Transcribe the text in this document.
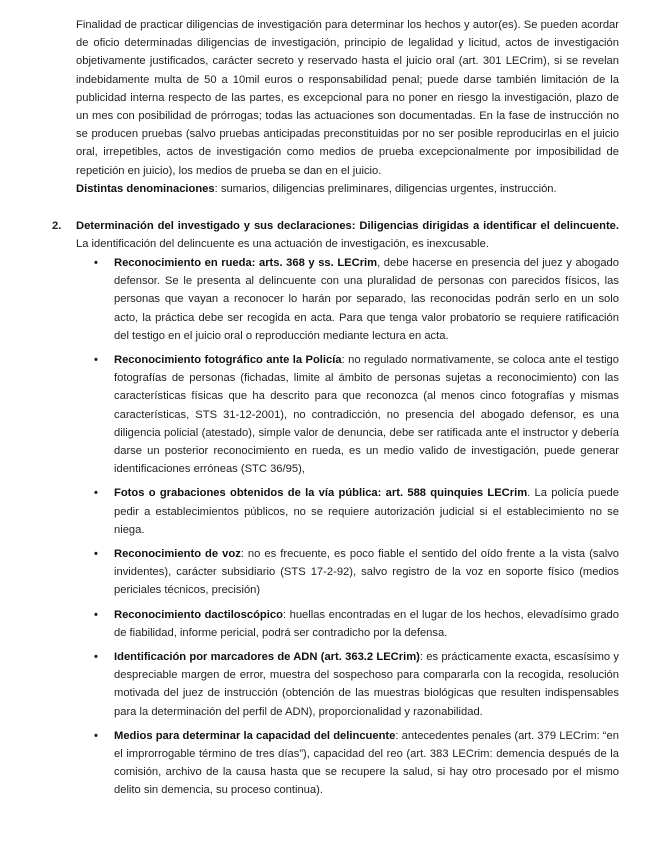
Finalidad de practicar diligencias de investigación para determinar los hechos y autor(es). Se pueden acordar de oficio determinadas diligencias de investigación, principio de legalidad y licitud, actos de investigación objetivamente justificados, carácter secreto y reservado hasta el juicio oral (art. 301 LECrim), si se revelan indebidamente multa de 50 a 10mil euros o responsabilidad penal; puede darse también limitación de la publicidad interna respecto de las partes, es excepcional para no poner en riesgo la investigación, plazo de un mes con posibilidad de prórrogas; todas las actuaciones son documentadas. En la fase de instrucción no se producen pruebas (salvo pruebas anticipadas preconstituidas por no ser posible reproducirlas en el juicio oral, irrepetibles, actos de investigación como medios de prueba excepcionalmente por imposibilidad de repetición en juicio), los medios de prueba se dan en el juicio.

Distintas denominaciones: sumarios, diligencias preliminares, diligencias urgentes, instrucción.

2. Determinación del investigado y sus declaraciones: Diligencias dirigidas a identificar el delincuente. La identificación del delincuente es una actuación de investigación, es inexcusable.

• Reconocimiento en rueda: arts. 368 y ss. LECrim, debe hacerse en presencia del juez y abogado defensor. Se le presenta al delincuente con una pluralidad de personas con parecidos físicos, las personas que vayan a reconocer lo harán por separado, las reconocidas podrán serlo en un solo acto, la práctica debe ser recogida en acta. Para que tenga valor probatorio se requiere ratificación del testigo en el juicio oral o reproducción mediante lectura en acta.

• Reconocimiento fotográfico ante la Policía: no regulado normativamente, se coloca ante el testigo fotografías de personas (fichadas, limite al ámbito de personas sujetas a reconocimiento) con las características físicas que ha descrito para que reconozca (al menos cinco fotografías y mismas características, STS 31-12-2001), no contradicción, no presencia del abogado defensor, es una diligencia policial (atestado), simple valor de denuncia, debe ser ratificada ante el instructor y debería darse un posterior reconocimiento en rueda, es un medio valido de investigación, puede generar identificaciones erróneas (STC 36/95),

• Fotos o grabaciones obtenidos de la vía pública: art. 588 quinquies LECrim. La policía puede pedir a establecimientos públicos, no se requiere autorización judicial si el establecimiento no se niega.

• Reconocimiento de voz: no es frecuente, es poco fiable el sentido del oído frente a la vista (salvo invidentes), carácter subsidiario (STS 17-2-92), salvo registro de la voz en soporte físico (medios periciales técnicos, precisión)

• Reconocimiento dactiloscópico: huellas encontradas en el lugar de los hechos, elevadísimo grado de fiabilidad, informe pericial, podrá ser contradicho por la defensa.

• Identificación por marcadores de ADN (art. 363.2 LECrim): es prácticamente exacta, escasísimo y despreciable margen de error, muestra del sospechoso para compararla con la recogida, resolución motivada del juez de instrucción (obtención de las muestras biológicas que resulten indispensables para la determinación del perfil de ADN), proporcionalidad y razonabilidad.

• Medios para determinar la capacidad del delincuente: antecedentes penales (art. 379 LECrim: “en el improrrogable término de tres días”), capacidad del reo (art. 383 LECrim: demencia después de la comisión, archivo de la causa hasta que se recupere la salud, si hay otro procesado por el mismo delito sin demencia, su proceso continua).
